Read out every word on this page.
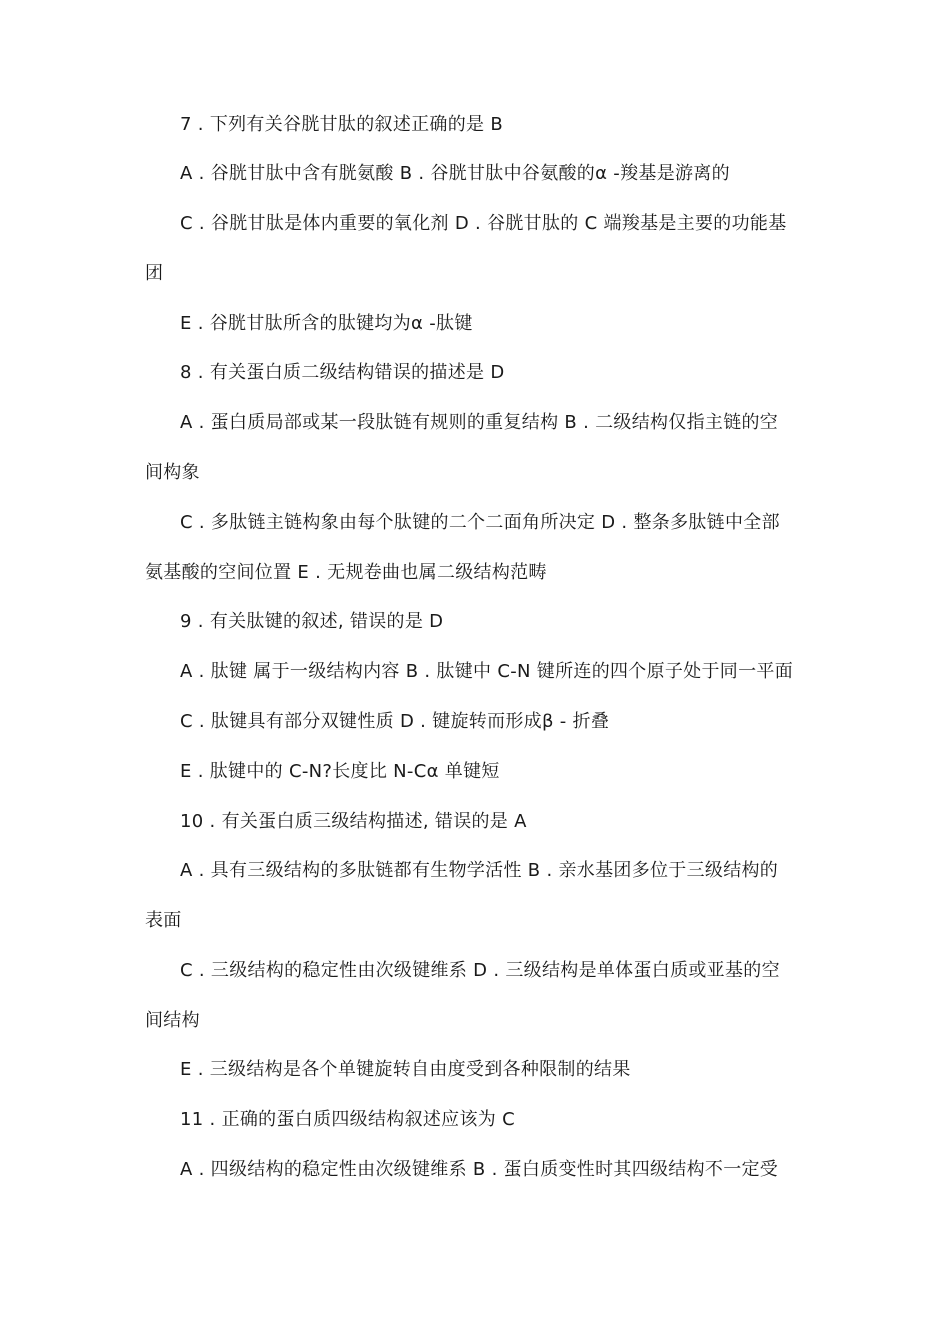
7 . 下列有关谷胱甘肽的叙述正确的是 B
A . 谷胱甘肽中含有胱氨酸 B . 谷胱甘肽中谷氨酸的α -羧基是游离的
C . 谷胱甘肽是体内重要的氧化剂 D . 谷胱甘肽的 C 端羧基是主要的功能基
团
E . 谷胱甘肽所含的肽键均为α -肽键
8 . 有关蛋白质二级结构错误的描述是 D
A . 蛋白质局部或某一段肽链有规则的重复结构 B . 二级结构仅指主链的空
间构象
C . 多肽链主链构象由每个肽键的二个二面角所决定 D . 整条多肽链中全部
氨基酸的空间位置 E . 无规卷曲也属二级结构范畴
9 . 有关肽键的叙述, 错误的是 D
A . 肽键 属于一级结构内容 B . 肽键中 C-N 键所连的四个原子处于同一平面
C . 肽键具有部分双键性质 D . 键旋转而形成β - 折叠
E . 肽键中的 C-N?长度比 N-Cα 单键短
10 . 有关蛋白质三级结构描述, 错误的是 A
A . 具有三级结构的多肽链都有生物学活性 B . 亲水基团多位于三级结构的
表面
C . 三级结构的稳定性由次级键维系 D . 三级结构是单体蛋白质或亚基的空
间结构
E . 三级结构是各个单键旋转自由度受到各种限制的结果
11 . 正确的蛋白质四级结构叙述应该为 C
A . 四级结构的稳定性由次级键维系 B . 蛋白质变性时其四级结构不一定受
